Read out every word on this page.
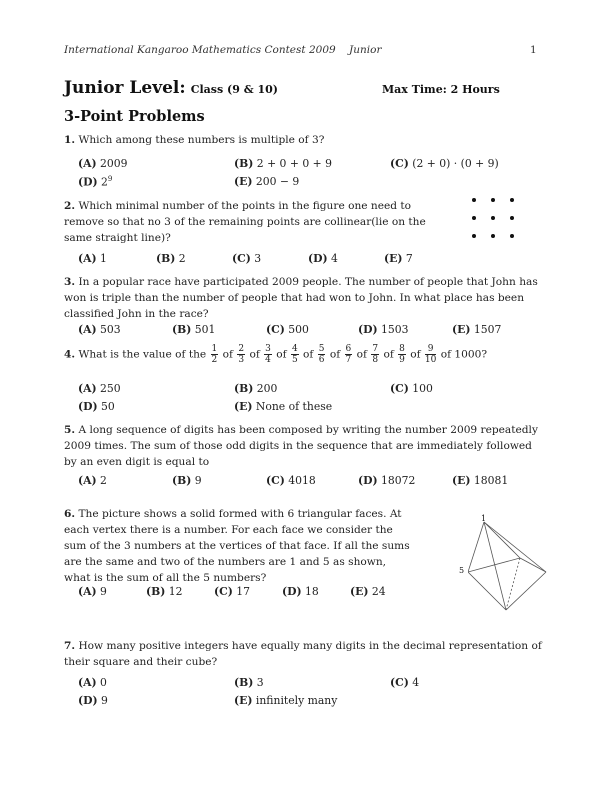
International Kangaroo Mathematics Contest 2009 Junior	1
Junior Level: Class (9 & 10)	Max Time: 2 Hours
3-Point Problems
1. Which among these numbers is multiple of 3?
(A) 2009	(B) 2 + 0 + 0 + 9	(C) (2 + 0) · (0 + 9)
(D) $2^9$	(E) 200 − 9
2. Which minimal number of the points in the figure one need to remove so that no 3 of the remaining points are collinear(lie on the same straight line)?
(A) 1	(B) 2	(C) 3	(D) 4	(E) 7
3. In a popular race have participated 2009 people. The number of people that John has won is triple than the number of people that had won to John. In what place has been classified John in the race?
(A) 503	(B) 501	(C) 500	(D) 1503	(E) 1507
4. What is the value of the $\frac{1}{2}$ of $\frac{2}{3}$ of $\frac{3}{4}$ of $\frac{4}{5}$ of $\frac{5}{6}$ of $\frac{6}{7}$ of $\frac{7}{8}$ of $\frac{8}{9}$ of $\frac{9}{10}$ of 1000?
(A) 250	(B) 200	(C) 100
(D) 50	(E) None of these
5. A long sequence of digits has been composed by writing the number 2009 repeatedly 2009 times. The sum of those odd digits in the sequence that are immediately followed by an even digit is equal to
(A) 2	(B) 9	(C) 4018	(D) 18072	(E) 18081
6. The picture shows a solid formed with 6 triangular faces. At each vertex there is a number. For each face we consider the sum of the 3 numbers at the vertices of that face. If all the sums are the same and two of the numbers are 1 and 5 as shown, what is the sum of all the 5 numbers?
1
5
(A) 9	(B) 12	(C) 17	(D) 18	(E) 24
7. How many positive integers have equally many digits in the decimal representation of their square and their cube?
(A) 0	(B) 3	(C) 4
(D) 9	(E) infinitely many
